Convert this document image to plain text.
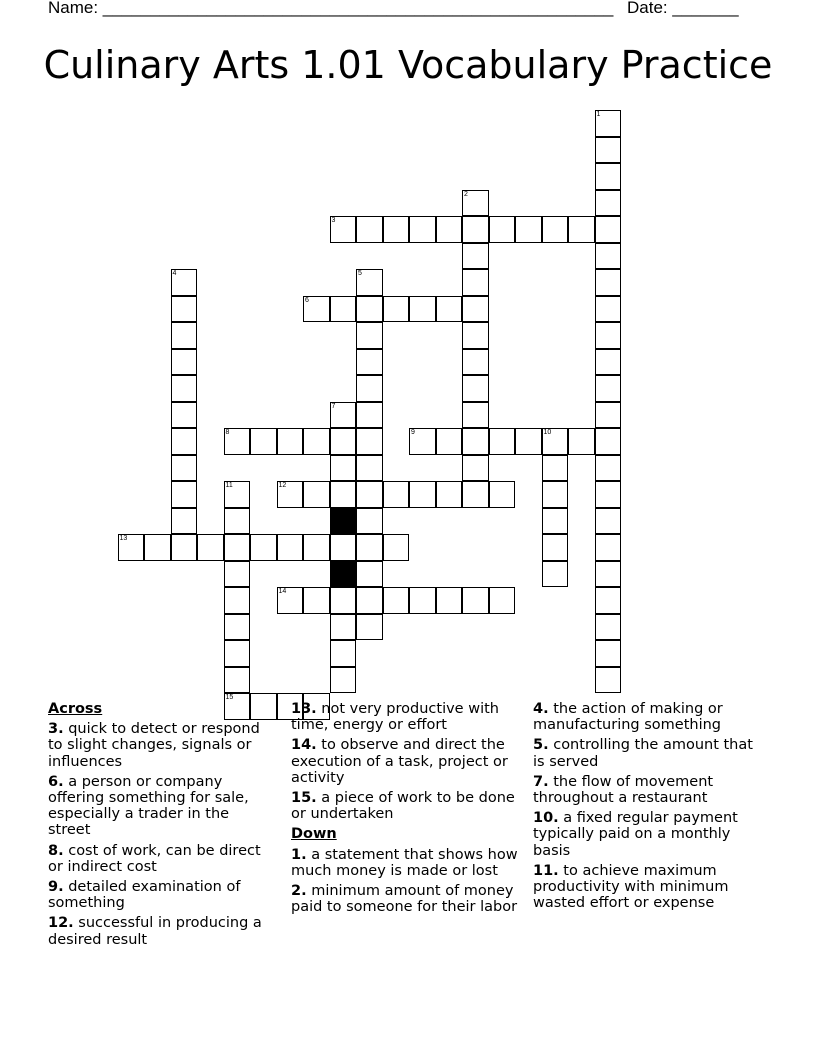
Name: ______________________________________________________ Date: _______
Culinary Arts 1.01 Vocabulary Practice
1
2
3
4	5
6
7
8	9	10
11
15
12
13
14
Across
3. quick to detect or respond to slight changes, signals or influences
6. a person or company offering something for sale, especially a trader in the street
8. cost of work, can be direct or indirect cost
9. detailed examination of something
12. successful in producing a desired result
13. not very productive with time, energy or effort
14. to observe and direct the execution of a task, project or activity
15. a piece of work to be done or undertaken
Down
1. a statement that shows how much money is made or lost
2. minimum amount of money paid to someone for their labor
4. the action of making or manufacturing something
5. controlling the amount that is served
7. the flow of movement throughout a restaurant
10. a fixed regular payment typically paid on a monthly basis
11. to achieve maximum productivity with minimum wasted effort or expense
